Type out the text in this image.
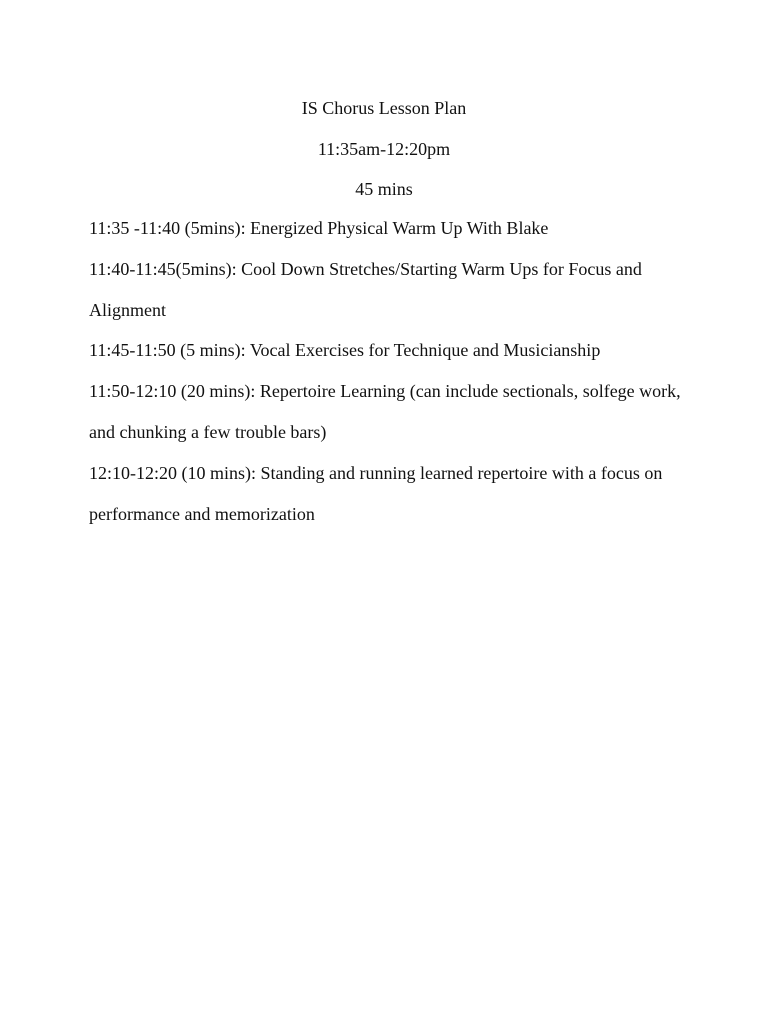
IS Chorus Lesson Plan
11:35am-12:20pm
45 mins

11:35 -11:40 (5mins): Energized Physical Warm Up With Blake

11:40-11:45(5mins): Cool Down Stretches/Starting Warm Ups for Focus and Alignment

11:45-11:50 (5 mins): Vocal Exercises for Technique and Musicianship

11:50-12:10 (20 mins): Repertoire Learning (can include sectionals, solfege work, and chunking a few trouble bars)

12:10-12:20 (10 mins): Standing and running learned repertoire with a focus on performance and memorization
